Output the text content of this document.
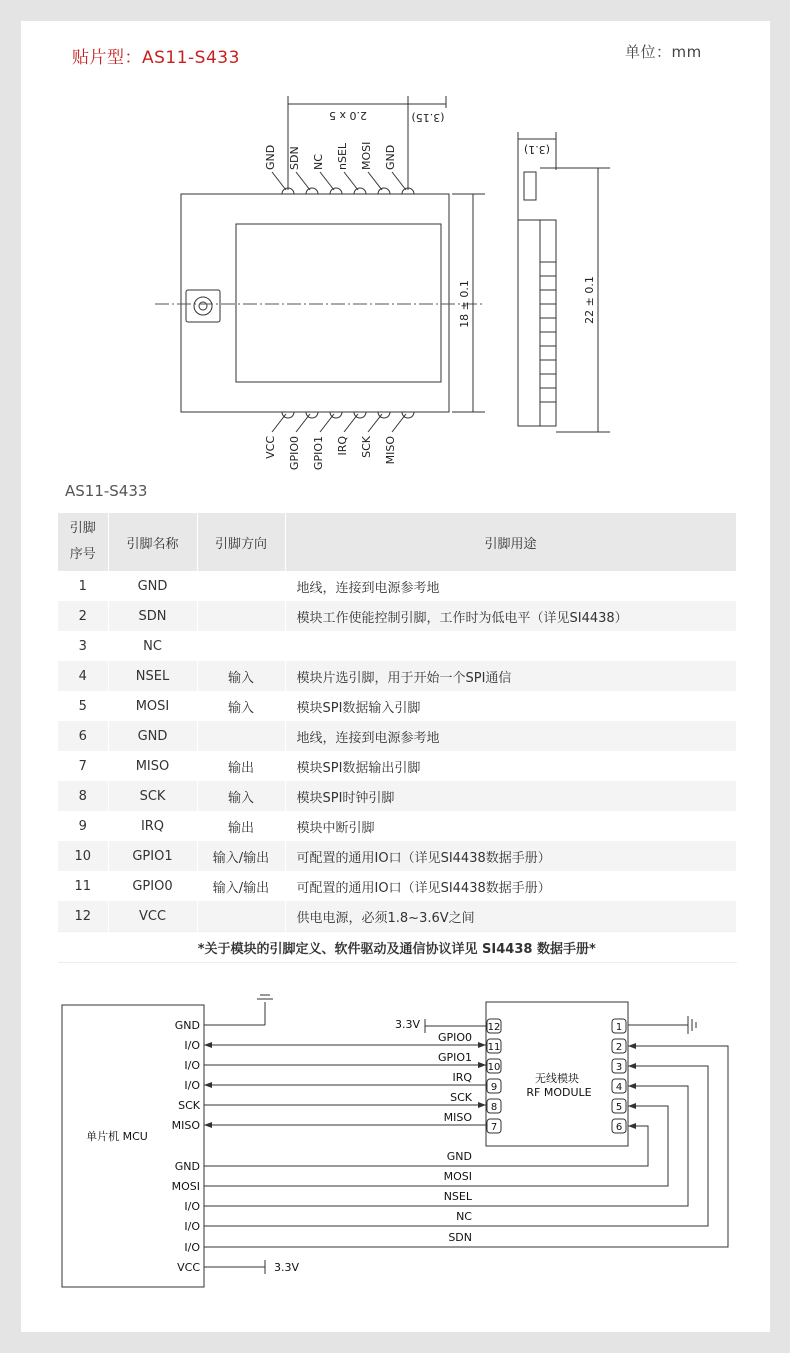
贴片型：AS11-S433	单位：mm
GND
VCC
SDN
GPIO0
NC
GPIO1
nSEL
IRQ
MOSI
SCK
GND
MISO
2.0 x 5	(3.15)
18 ± 0.1
(3.1)
22 ± 0.1
AS11-S433
引脚
序号	引脚名称	引脚方向	引脚用途
1	GND		地线，连接到电源参考地
2	SDN		模块工作使能控制引脚，工作时为低电平（详见SI4438）
3	NC		
4	NSEL	输入	模块片选引脚，用于开始一个SPI通信
5	MOSI	输入	模块SPI数据输入引脚
6	GND		地线，连接到电源参考地
7	MISO	输出	模块SPI数据输出引脚
8	SCK	输入	模块SPI时钟引脚
9	IRQ	输出	模块中断引脚
10	GPIO1	输入/输出	可配置的通用IO口（详见SI4438数据手册）
11	GPIO0	输入/输出	可配置的通用IO口（详见SI4438数据手册）
12	VCC		供电电源，必须1.8~3.6V之间
*关于模块的引脚定义、软件驱动及通信协议详见 SI4438 数据手册*			
GND
I/O
I/O
I/O
SCK
MISO
GND
MOSI
I/O
I/O
I/O
VCC
12
11
10
9
8
7
1
2
3
4
5
6
GPIO0
GPIO1
IRQ
SCK
MISO
GND
MOSI
NSEL
NC
SDN
单片机 MCU
无线模块
RF MODULE
3.3V
3.3V
